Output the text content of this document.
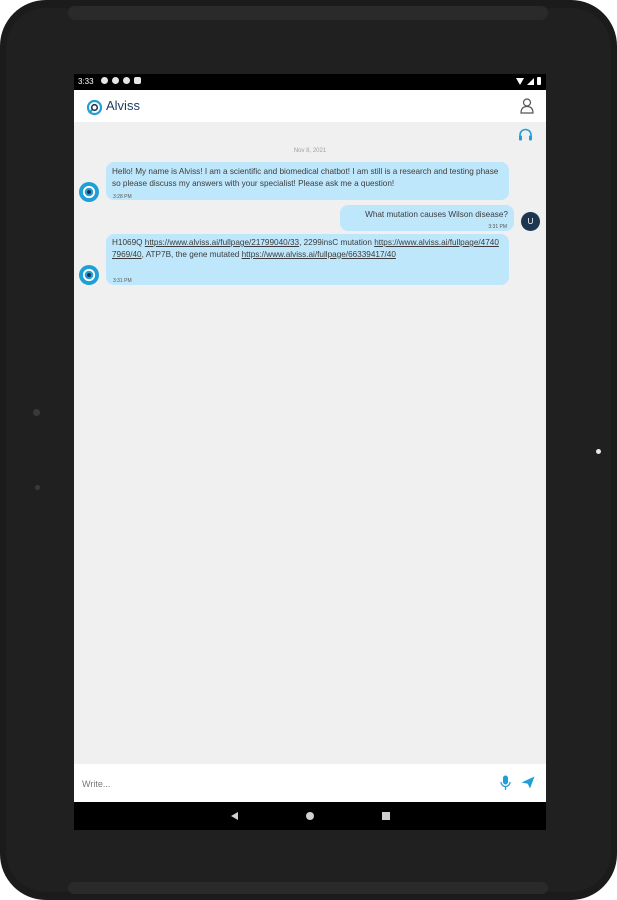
3:33
Alviss
Nov 8, 2021
Hello! My name is Alviss! I am a scientific and biomedical chatbot! I am still is a research and testing phase so please discuss my answers with your specialist! Please ask me a question!
3:28 PM
What mutation causes Wilson disease?
3:31 PM
U
H1069Q https://www.alviss.ai/fullpage/21799040/33, 2299insC mutation https://www.alviss.ai/fullpage/47407969/40, ATP7B, the gene mutated https://www.alviss.ai/fullpage/66339417/40
3:31 PM
Write...
